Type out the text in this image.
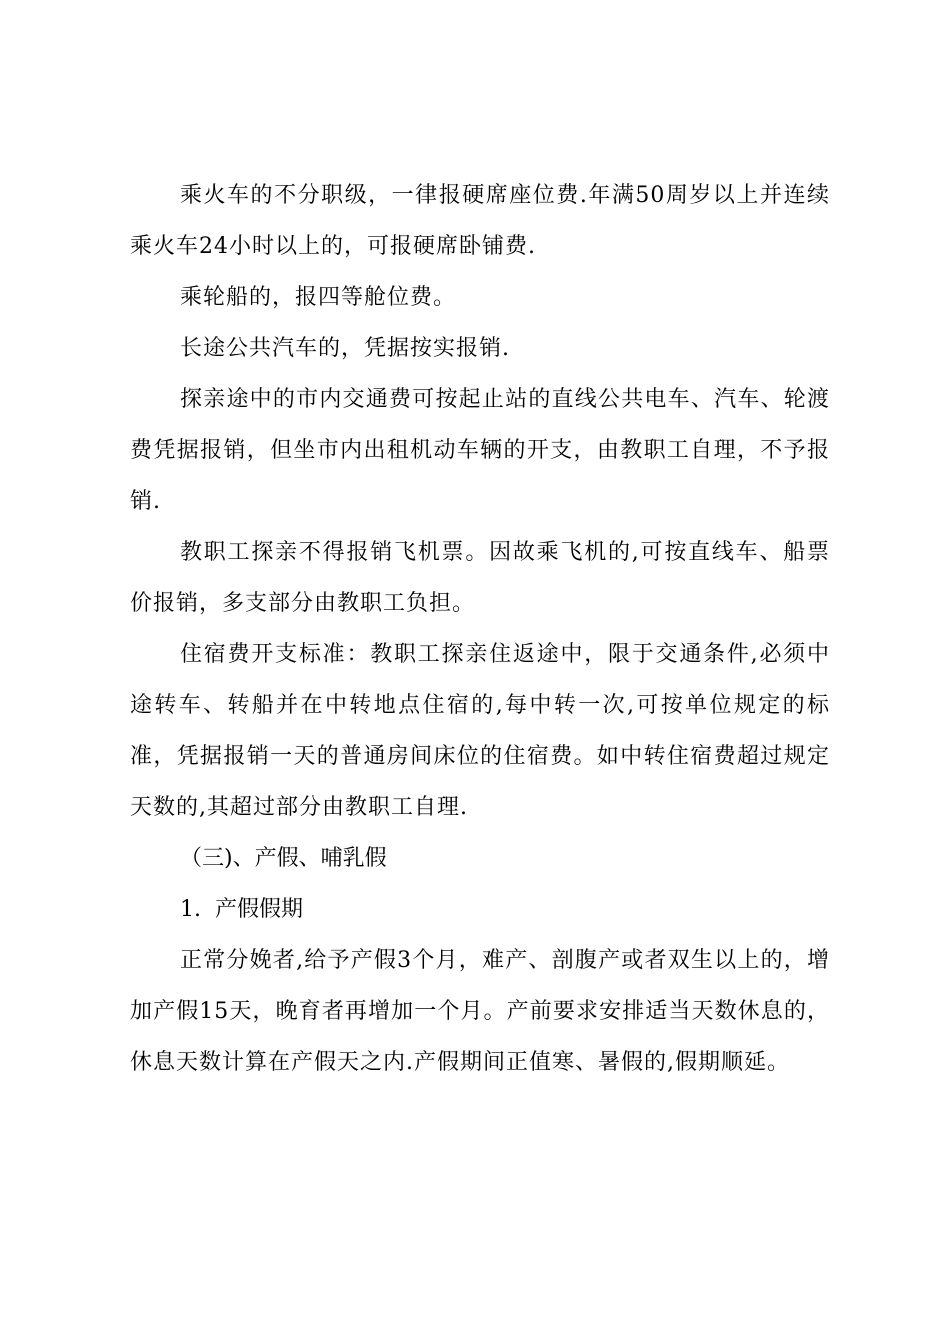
乘火车的不分职级，一律报硬席座位费.年满50周岁以上并连续乘火车24小时以上的，可报硬席卧铺费.

乘轮船的，报四等舱位费。

长途公共汽车的，凭据按实报销.

探亲途中的市内交通费可按起止站的直线公共电车、汽车、轮渡费凭据报销，但坐市内出租机动车辆的开支，由教职工自理，不予报销.

教职工探亲不得报销飞机票。因故乘飞机的,可按直线车、船票价报销，多支部分由教职工负担。

住宿费开支标准：教职工探亲住返途中，限于交通条件,必须中途转车、转船并在中转地点住宿的,每中转一次,可按单位规定的标准，凭据报销一天的普通房间床位的住宿费。如中转住宿费超过规定天数的,其超过部分由教职工自理.

（三)、产假、哺乳假

1.  产假假期

正常分娩者,给予产假3个月，难产、剖腹产或者双生以上的，增加产假15天，晚育者再增加一个月。产前要求安排适当天数休息的，休息天数计算在产假天之内.产假期间正值寒、暑假的,假期顺延。
